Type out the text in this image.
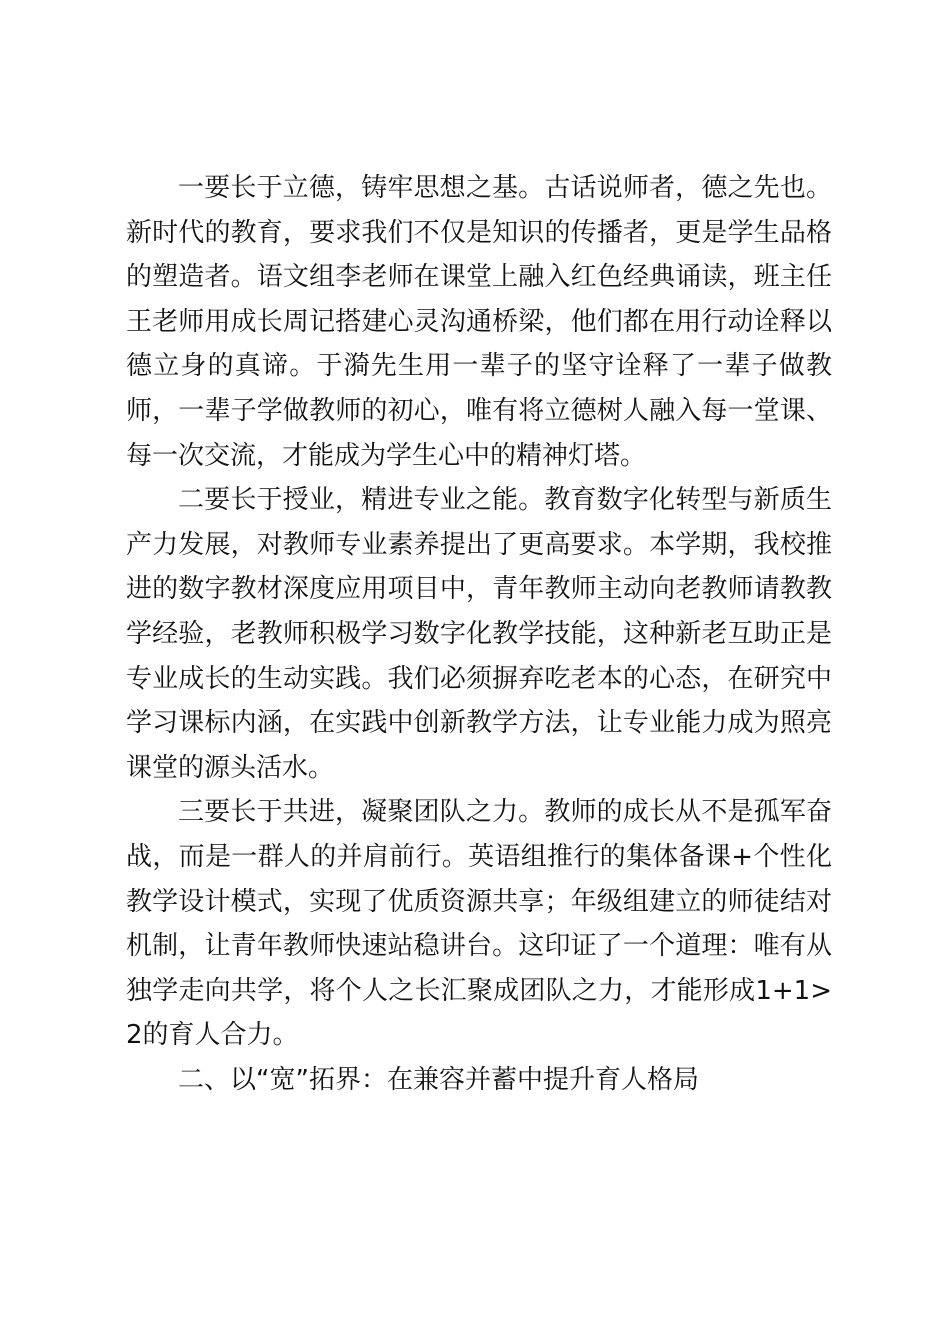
一要长于立德，铸牢思想之基。古话说师者，德之先也。新时代的教育，要求我们不仅是知识的传播者，更是学生品格的塑造者。语文组李老师在课堂上融入红色经典诵读，班主任王老师用成长周记搭建心灵沟通桥梁，他们都在用行动诠释以德立身的真谛。于漪先生用一辈子的坚守诠释了一辈子做教师，一辈子学做教师的初心，唯有将立德树人融入每一堂课、每一次交流，才能成为学生心中的精神灯塔。

二要长于授业，精进专业之能。教育数字化转型与新质生产力发展，对教师专业素养提出了更高要求。本学期，我校推进的数字教材深度应用项目中，青年教师主动向老教师请教教学经验，老教师积极学习数字化教学技能，这种新老互助正是专业成长的生动实践。我们必须摒弃吃老本的心态，在研究中学习课标内涵，在实践中创新教学方法，让专业能力成为照亮课堂的源头活水。

三要长于共进，凝聚团队之力。教师的成长从不是孤军奋战，而是一群人的并肩前行。英语组推行的集体备课+个性化教学设计模式，实现了优质资源共享；年级组建立的师徒结对机制，让青年教师快速站稳讲台。这印证了一个道理：唯有从独学走向共学，将个人之长汇聚成团队之力，才能形成1+1>2的育人合力。

二、以“宽”拓界：在兼容并蓄中提升育人格局
